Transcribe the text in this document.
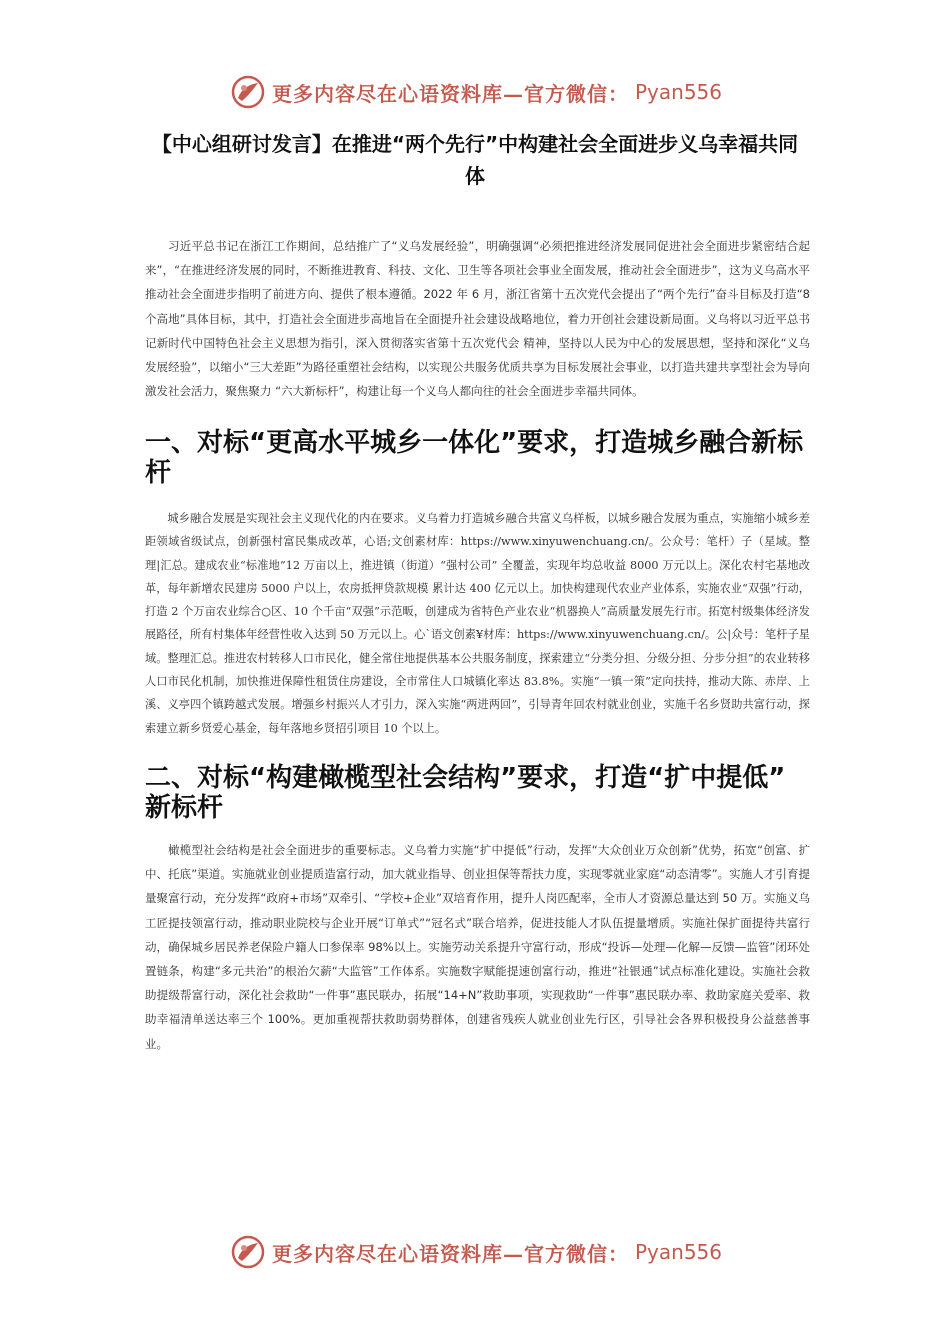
更多内容尽在心语资料库—官方微信： Pyan556
【中心组研讨发言】在推进“两个先行”中构建社会全面进步义乌幸福共同体

习近平总书记在浙江工作期间，总结推广了“义乌发展经验”，明确强调“必须把推进经济发展同促进社会全面进步紧密结合起来”，“在推进经济发展的同时，不断推进教育、科技、文化、卫生等各项社会事业全面发展，推动社会全面进步”，这为义乌高水平推动社会全面进步指明了前进方向、提供了根本遵循。2022 年 6 月，浙江省第十五次党代会提出了“两个先行”奋斗目标及打造“8 个高地”具体目标，其中，打造社会全面进步高地旨在全面提升社会建设战略地位，着力开创社会建设新局面。义乌将以习近平总书记新时代中国特色社会主义思想为指引，深入贯彻落实省第十五次党代会 精神，坚持以人民为中心的发展思想，坚持和深化“义乌发展经验”，以缩小“三大差距”为路径重塑社会结构，以实现公共服务优质共享为目标发展社会事业，以打造共建共享型社会为导向激发社会活力，聚焦聚力 “六大新标杆”，构建让每一个义乌人都向往的社会全面进步幸福共同体。

一、对标“更高水平城乡一体化”要求，打造城乡融合新标杆

城乡融合发展是实现社会主义现代化的内在要求。义乌着力打造城乡融合共富义乌样板，以城乡融合发展为重点，实施缩小城乡差距领域省级试点，创新强村富民集成改革，心语;文创素材库：https://www.xinyuwenchuang.cn/。公众号：笔杆）子（星域。整理|汇总。建成农业“标准地”12 万亩以上，推进镇（街道）“强村公司” 全覆盖，实现年均总收益 8000 万元以上。深化农村宅基地改革，每年新增农民建房 5000 户以上，农房抵押贷款规模 累计达 400 亿元以上。加快构建现代农业产业体系，实施农业“双强”行动，打造 2 个万亩农业综合○区、10 个千亩“双强”示范畈，创建成为省特色产业农业“机器换人”高质量发展先行市。拓宽村级集体经济发展路径，所有村集体年经营性收入达到 50 万元以上。心`语文创素¥材库：https://www.xinyuwenchuang.cn/。公|众号：笔杆子星域。整理汇总。推进农村转移人口市民化，健全常住地提供基本公共服务制度，探索建立“分类分担、分级分担、分步分担”的农业转移人口市民化机制，加快推进保障性租赁住房建设，全市常住人口城镇化率达 83.8%。实施“一镇一策”定向扶持，推动大陈、赤岸、上溪、义亭四个镇跨越式发展。增强乡村振兴人才引力，深入实施“两进两回”，引导青年回农村就业创业，实施千名乡贤助共富行动，探索建立新乡贤爱心基金，每年落地乡贤招引项目 10 个以上。

二、对标“构建橄榄型社会结构”要求，打造“扩中提低” 新标杆

橄榄型社会结构是社会全面进步的重要标志。义乌着力实施“扩中提低”行动，发挥“大众创业万众创新”优势，拓宽“创富、扩中、托底”渠道。实施就业创业提质造富行动，加大就业指导、创业担保等帮扶力度，实现零就业家庭“动态清零”。实施人才引育提量聚富行动，充分发挥“政府+市场”双牵引、“学校+企业”双培育作用，提升人岗匹配率，全市人才资源总量达到 50 万。实施义乌工匠提技领富行动，推动职业院校与企业开展“订单式”“冠名式”联合培养，促进技能人才队伍提量增质。实施社保扩面提待共富行动，确保城乡居民养老保险户籍人口参保率 98%以上。实施劳动关系提升守富行动，形成“投诉—处理—化解—反馈—监管”闭环处置链条，构建“多元共治”的根治欠薪“大监管”工作体系。实施数字赋能提速创富行动，推进“社银通”试点标准化建设。实施社会救助提级帮富行动，深化社会救助“一件事”惠民联办，拓展“14+N”救助事项，实现救助“一件事”惠民联办率、救助家庭关爱率、救助幸福清单送达率三个 100%。更加重视帮扶救助弱势群体，创建省残疾人就业创业先行区，引导社会各界积极投身公益慈善事业。

更多内容尽在心语资料库—官方微信： Pyan556
